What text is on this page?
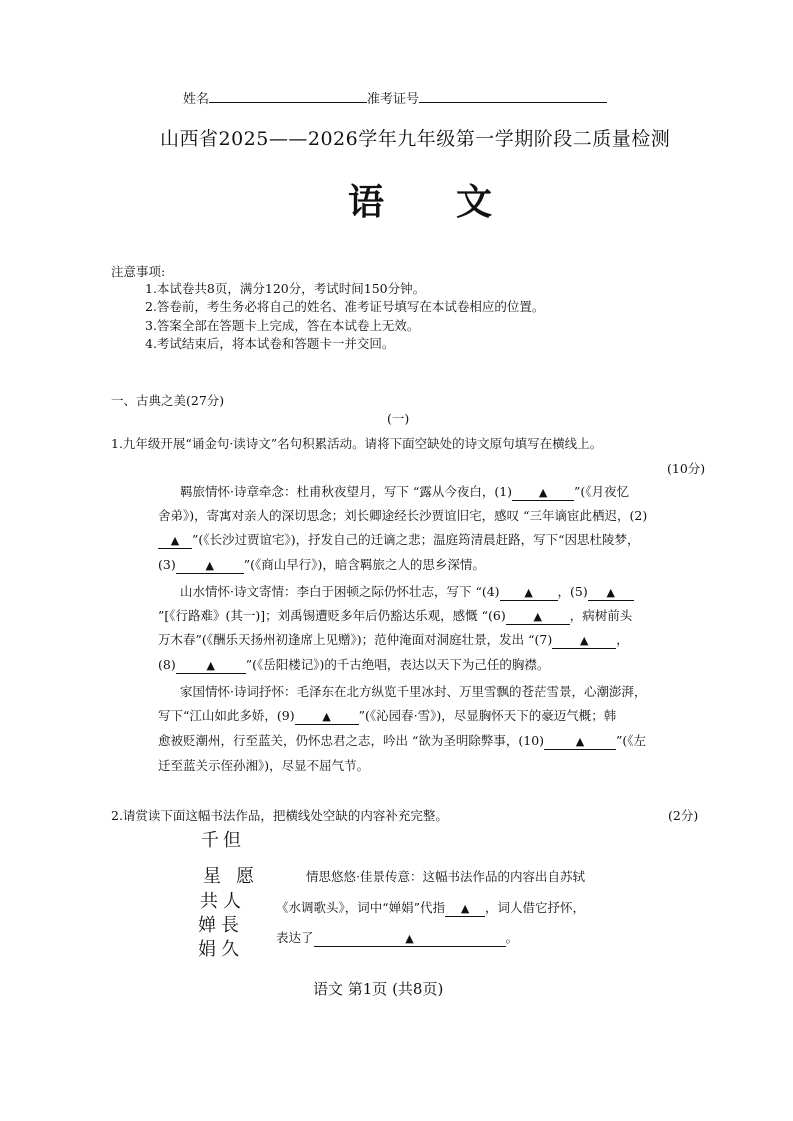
姓名	准考证号
山西省2025——2026学年九年级第一学期阶段二质量检测
语　　文
注意事项:
1.本试卷共8页，满分120分，考试时间150分钟。
2.答卷前，考生务必将自己的姓名、准考证号填写在本试卷相应的位置。
3.答案全部在答题卡上完成，答在本试卷上无效。
4.考试结束后，将本试卷和答题卡一并交回。
一、古典之美(27分)
(一)
1.九年级开展“诵金句·读诗文”名句积累活动。请将下面空缺处的诗文原句填写在横线上。
(10分)
羁旅情怀·诗章牵念：杜甫秋夜望月，写下 “露从今夜白，(1) ▲ ”(《月夜忆
舍弟》)，寄寓对亲人的深切思念；刘长卿途经长沙贾谊旧宅，感叹 “三年谪宦此栖迟，(2)
▲ ”(《长沙过贾谊宅》)，抒发自己的迁谪之悲；温庭筠清晨赶路，写下“因思杜陵梦，
(3)	▲ ”(《商山早行》)，暗含羁旅之人的思乡深情。
山水情怀·诗文寄情：李白于困顿之际仍怀壮志，写下 “(4) ▲ ，(5) ▲
”[《行路难》(其一)]；刘禹锡遭贬多年后仍豁达乐观，感慨 “(6)	▲ ，病树前头
万木春”(《酬乐天扬州初逢席上见赠》)；范仲淹面对洞庭壮景，发出 “(7)	▲ ，
(8)	▲ ”(《岳阳楼记》)的千古绝唱，表达以天下为己任的胸襟。
家国情怀·诗词抒怀：毛泽东在北方纵览千里冰封、万里雪飘的苍茫雪景，心潮澎湃，
写下“江山如此多娇，(9)	▲ ”(《沁园春·雪》)，尽显胸怀天下的豪迈气概；韩
愈被贬潮州，行至蓝关，仍怀忠君之志，吟出 “欲为圣明除弊事，(10)	▲	”(《左
迁至蓝关示侄孙湘》)，尽显不屈气节。
2.请赏读下面这幅书法作品，把横线处空缺的内容补充完整。	(2分)
千 但
星 愿
共 人
婵 長
娟 久
情思悠悠·佳景传意：这幅书法作品的内容出自苏轼
《水调歌头》，词中“婵娟”代指 ▲ ，词人借它抒怀，
表达了	▲	。
语文 第1页 (共8页)
